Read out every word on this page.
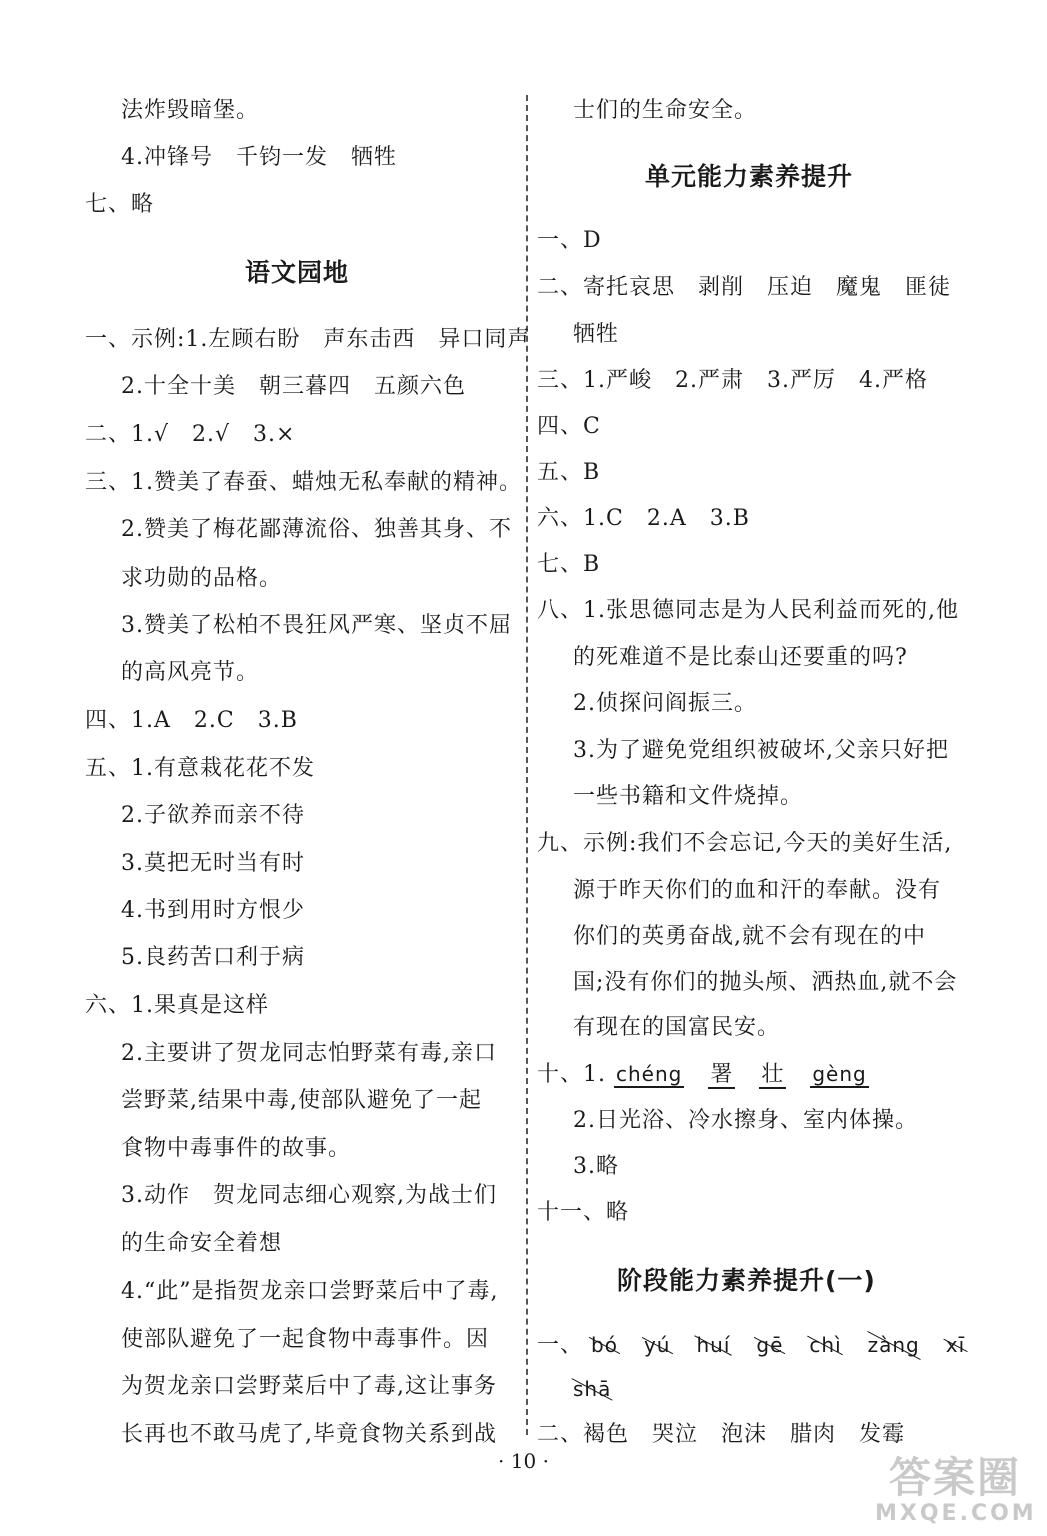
法炸毁暗堡。
4.冲锋号　千钧一发　牺牲
七、略
语文园地
一、示例:1.左顾右盼　声东击西　异口同声
2.十全十美　朝三暮四　五颜六色
二、1.√　2.√　3.×
三、1.赞美了春蚕、蜡烛无私奉献的精神。
2.赞美了梅花鄙薄流俗、独善其身、不
求功勋的品格。
3.赞美了松柏不畏狂风严寒、坚贞不屈
的高风亮节。
四、1.A　2.C　3.B
五、1.有意栽花花不发
2.子欲养而亲不待
3.莫把无时当有时
4.书到用时方恨少
5.良药苦口利于病
六、1.果真是这样
2.主要讲了贺龙同志怕野菜有毒,亲口
尝野菜,结果中毒,使部队避免了一起
食物中毒事件的故事。
3.动作　贺龙同志细心观察,为战士们
的生命安全着想
4.“此”是指贺龙亲口尝野菜后中了毒,
使部队避免了一起食物中毒事件。因
为贺龙亲口尝野菜后中了毒,这让事务
长再也不敢马虎了,毕竟食物关系到战
士们的生命安全。
单元能力素养提升
一、D
二、寄托哀思　剥削　压迫　魔鬼　匪徒
牺牲
三、1.严峻　2.严肃　3.严厉　4.严格
四、C
五、B
六、1.C　2.A　3.B
七、B
八、1.张思德同志是为人民利益而死的,他
的死难道不是比泰山还要重的吗?
2.侦探问阎振三。
3.为了避免党组织被破坏,父亲只好把
一些书籍和文件烧掉。
九、示例:我们不会忘记,今天的美好生活,
源于昨天你们的血和汗的奉献。没有
你们的英勇奋战,就不会有现在的中
国;没有你们的抛头颅、洒热血,就不会
有现在的国富民安。
十、1. chéng 署 壮 gèng
2.日光浴、冷水擦身、室内体操。
3.略
十一、略
阶段能力素养提升(一)
一、 bó yú huí gē chì zàng xī
shā
二、褐色　哭泣　泡沫　腊肉　发霉
· 10 ·	答案圈
MXQE.COM
